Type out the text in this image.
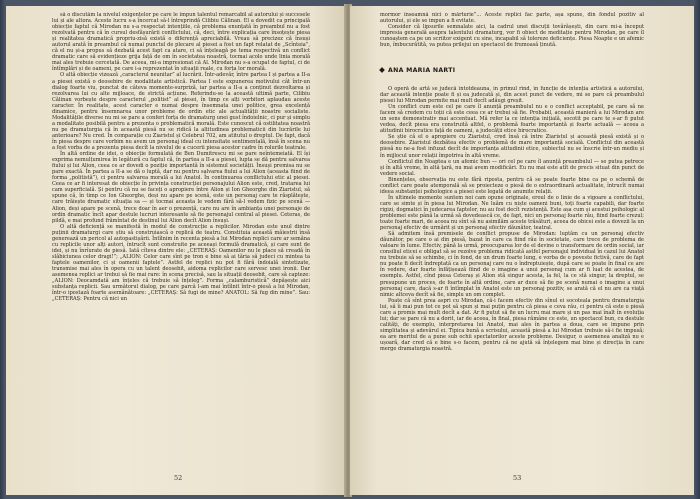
să o discutăm la nivelul exigențelor pe care le impun talentul remarcabil al autorului și succesele lui și ale altora. Aceste lucru s-a încercat să-l întreprindă Cilibiu Călinan. El a dovedit ca principală obiecție faptul că Mirodan nu s-a respectat intențiile, că problema enunțată în preambul nu a fost rezolvată pentru că în cursul desfășurării conflictului, că, deci, între explicația care însoțește piesa și realitatea dramatică propriu-zisă există o diferență apreciabilă. Vreau să precizez că însuși autorul arată în preambul că numai punctul de plecare al piesei a fost un fapt relatat de „Scînteia”, că el nu și-a propus să dezbată acest fapt ca atare, ci să înțeleagă pe tema respectivă un conflict dramatic care să evidențieze grija față de om în societatea noastră, tocmai acolo unde linia morală mai ales trebuie cercetată. De aceea, mi-a impresionat că Al. Mirodan nu s-a ocupat de faptul, ci de întîmplări și de oameni, pe care i-a reprezentat în situații reale, cu forța lor morală.

O altă obiecție vizează „caracterul neunitar” al lucrării. Într-adevăr, între partea I și partea a II-a a piesei există o deosebire de modalitate artistică. Partea I este expunerea motivului cât într-un dialog foarte viu, punctat de câteva momente-surpriză, iar partea a II-a a conținut dezvoltarea și rezolvarea lui cu alte mijloace, de strictă acțiune. Referindu-se la această ultimă parte, Cilibiu Călinan vorbește despre caracterul „politist” al piesei, în timp ce alți vorbitori aplaudau aceste caracter. În realitate, acest caracter e numai despre însemnata unei politice, grea excelență dinamice, pentru însemnarea unor probleme de ordin etic ale actualității noastre socialiste. Modalitățile diverse nu mi se pare a conferi forța de dramaturg unei gust îndoielnic, ci pur și simplu a modalitate posibilă pentru a prezenta o problematică morală. Este cunoscut că ostilitatea noastră nu pe dramaturgia că în această piesă nu se ridică la altitudinea problematicii din lucrările lui anterioare? Nu cred. În comparație cu Ziaristul și Celebrul 702, am atitutul o dreptul. De fapt, dacă în piesa despre care vorbim nu avem un personaj ideal cu intensitate sentimentală, însă în scena nu a fost vorba de a prezenta piesa decît la nivelul de a cucerii piesa acestor cadre în rolurile teatrale.

În altă ordine de idei, o obiecție formulată de Ben Dumitrescu mi se pare neîntemeiată. El își exprima nemulțumirea în legătură cu faptul că, în partea a II-a a piesei, lupta se dă pentru salvarea fiului și lui Alion, ceea ce ar dovedi o poziție importantă în sistemul societății. Însuși premisa nu se pare exactă. În partea a II-a se dă o luptă, dar nu pentru salvarea fiului a lui Alion (aceasta fiind de forma „politistă”), ci pentru salvarea morală a lui Anatol. În continuarea conflictului etic al piesei. Ceea ce ar fi interesat de obiecție în privința construcției personajului Alion este, cred, tratarea lui cam superficială. Și pentru că nu se faceți o apropiere între Alion și Ion Gheorghe din Ziaristul, să spune că, în timp ce Ion Gheorghe, deși nu apare pe scenă, este un personaj care te răsplătește, care trăiește dramatic situația sa — și tocmai aceasta le vedem fără să-l vedem fizic pe scenă — Alion, deși apare pe scenă, trece doar în aer o prezență, care nu are în ambianța unei personaje de ordin dramatic încît apar destule lucruri interesante să fie personajul central al piesei. Ceteras, de pildă, e mai profund frămîntat de destinul lui Alion decît Alion însuși.

O altă deficiență se manifestă în modul de construcție a replicilor. Mirodan este unul dintre puținii dramaturgi care știu să construiască o replică de teatru. Constituia această măiestrii însă generează un pericol al autopastișării. Întîlnim în recenta piesă a lui Mirodan replici care ar semăna cu replicile unor alți autori, întrucît sunt construite pe aceeași formulă dramatică, și care sunt de idei, și nu înrîurate de piesă. Iată cîteva dintre ele: „CETERAȘ: Oamenilor nu le place să creadă în slăbiciunea celor dragi!”; „ALION: Celor care sînt pe tron e bine să ai tăria să judeci cu mintea ta faptele oamenilor, ci și oamenii faptele”. Astfel de replici nu pot fi fără îndoială sintetizate, transmise mai ales în opera cu un talent deosebit, aidoma replicilor care servesc unei ironii. Dar asemenea replici ar trebui să fie mai rare: în scena precisă, sau la situații deosebit, care să capteze: „ALION: Deocamdată am înțeles că trebuie să înțeleg”. Forma „calamburistică” depășește aici substanța replicii. Sau următorul dialog, pe care parcă l-am mai întîlnit într-o piesă a lui Mirodan, într-o ipostază foarte asemănătoare: „CETERAȘ: Să fugi de mine? ANATOL: Să fug din mine”. Sau: „CETERAȘ: Pentru că nici un

52

mormor înseamnă nici o mărturie”... Aceste replici fac parte, așa spune, din fondul pozitiv al autorului, și ele se impun a fi evitate.

Consider că lipsurile semnalate aici, la cadrul unei discuții tovărășești, din care mi-a început impresia generală asupra talentului dramaturg, vor fi obiect de meditație pentru Mirodan, pe care îl cunoaștem ca pe un scriitor exigent cu sine, incapabil să tolereze deficiențe. Piesa Noapte e un afemic bun, îmbucurătită, va putea prilejui un spectacol de frumoasă ținută.

ANA MARIA NARTI

O operă de artă se judecă întotdeauna, în primul rînd, în funcție de intenția artistică a autorului, dar această intenție poate fi și ea judecată și, din acest punct de vedere, mi se pare că preambulul piesei lui Mirodan permite mai mult decît adăugi greșit.

Un conflict cum este cel pe care îl anunță preambulul nu e o conflict acceptabil, pe care să ne facem să credem cu toții că este ceea ce ar trebui să fie. Probabil, această manieră a lui Mirodan are un sens demonstrativ mai accentuat. Mă refer la ce intenția inițială, socotit pe care te s-ar fi putut vedea, decît piesa era construită altfel, o problemă foarte importantă și foarte actuală — aceea a atitudinii birocratice față de oameni, a judecății etice birocratice.

Se știe că el o apropiere cu Ziaristul, cred însă că între Ziaristul și această piesă există și o deosebire. Ziaristul dezbătea efectiv o problemă de mare importanță socială. Conflictul din această piesă nu ne-a fost infuzat decît de importanța atitudinii etice, subiectul nu se înscrie într-un mediu și în mijlocul unor relații împotriva în altă vreme.

Conflictul din Noaptea e un afemic bun — ori cel pe care îl anunță preambulul — se putea petrece și în altă vreme, în altă țară, nu mai avem modificări. Eu nu mai este atît de precis situat din punct de vedere social.

Binențeles, observația nu este fără riposta, pentru că se poate foarte bine ca pe o schemă de conflict care poate atemporală să se proiecteze o piesă de o extraordinară actualitate, întrucît numai ideea substanței psihologice a piesei este legată de anumite relații.

În ultimele momente suntem noi cam opune originale, eroul de o linie de a vigoare a conflictului, care se simte și în piesa lui Mirodan. Ne luăm cu niște oameni buni, toți foarte capabili, dar foarte rigizi, dogmatici în judecarea faptelor, nu au fost decît rezistență. Este așa cum și acestui psihologic al problemei este până la urmă să dovedească ce, de fapt, nici un personaj foarte rău, fiind foarte crezul; toate foarte mari, de aceea nu sînt să nu asimilăm aceste trăsături, aceea de obicei este a dovezii la un personaj efectiv de urmărit și un personaj efectiv dăunător, teatral.

Să admitem însă premisele de conflict propuse de Mirodan: luptăm cu un personaj efectiv dăunător, pe care o ai din piesă, bazat în care ca fiind rău în societate, care trece de problema de valoare în lume. Efectiv, până la urmă, preocuparea lor de el devine o transformare de ordin social, iar consiliul eticei e obligat să se rezolve problema ridicată astfel personajul individual în cazul lui Anatol nu trebuie să se schimbe, ci în fond, de un drum foarte lung, e vorba de o poveste fictivă, care de fapt nu poate fi decît îndreptată ca un personaj care nu o îndreptuiește, după care se poate în final ce are în vedere, dar foarte înfățișează fiind de o imagine a unui personaj cum ar fi luat de acestea, de exemplu. Astfel, cînd piesa Ceteraș și Alion stă singur acesta, la fel, la ce stă singur, la dreptul, se presupune un proces, de foarte în altă ordine, care ar duce să fie pe scenă numai o imagine a unui personaj care, dacă s-ar fi întîmplat în Anatol este un personaj pozitiv, se arată că el nu are ca viață nimic altceva decît să fie, simplu un om complet.

Poate că sînt prea aspri cu Mirodan, că-i facem efectiv din sînul ei socoteala pentru dramaturgia lui, să îi mai pun tot ce pot să spun și mai puțin pentru că piesa e ceva rău, ci pentru că este o piesă care a promis mai mult decît a dat. Ar fi putut să fie un lucru mai mare și un pas mai înalt în evoluția lui; dar se pare că nu a dorit, iar de aceea, în final, piesa rămâne ce este, un spectacol bun, cu destule calități, de exemplu, interpretarea lui Anatol, mai ales în partea a doua, care se impune prin simplitatea și adevărul ei. Tipica bună a scrisului, această piesă a lui Mirodan trebuie să-i fie impusă; ea are meritul de a pune sub ochii spectatorilor aceste probleme. Desigur, o asemenea analiză nu e ușoară, dar cred că e bine s-o facem, pentru că ne ajută să înțelegem mai bine și direcția în care merge dramaturgia noastră.

53
